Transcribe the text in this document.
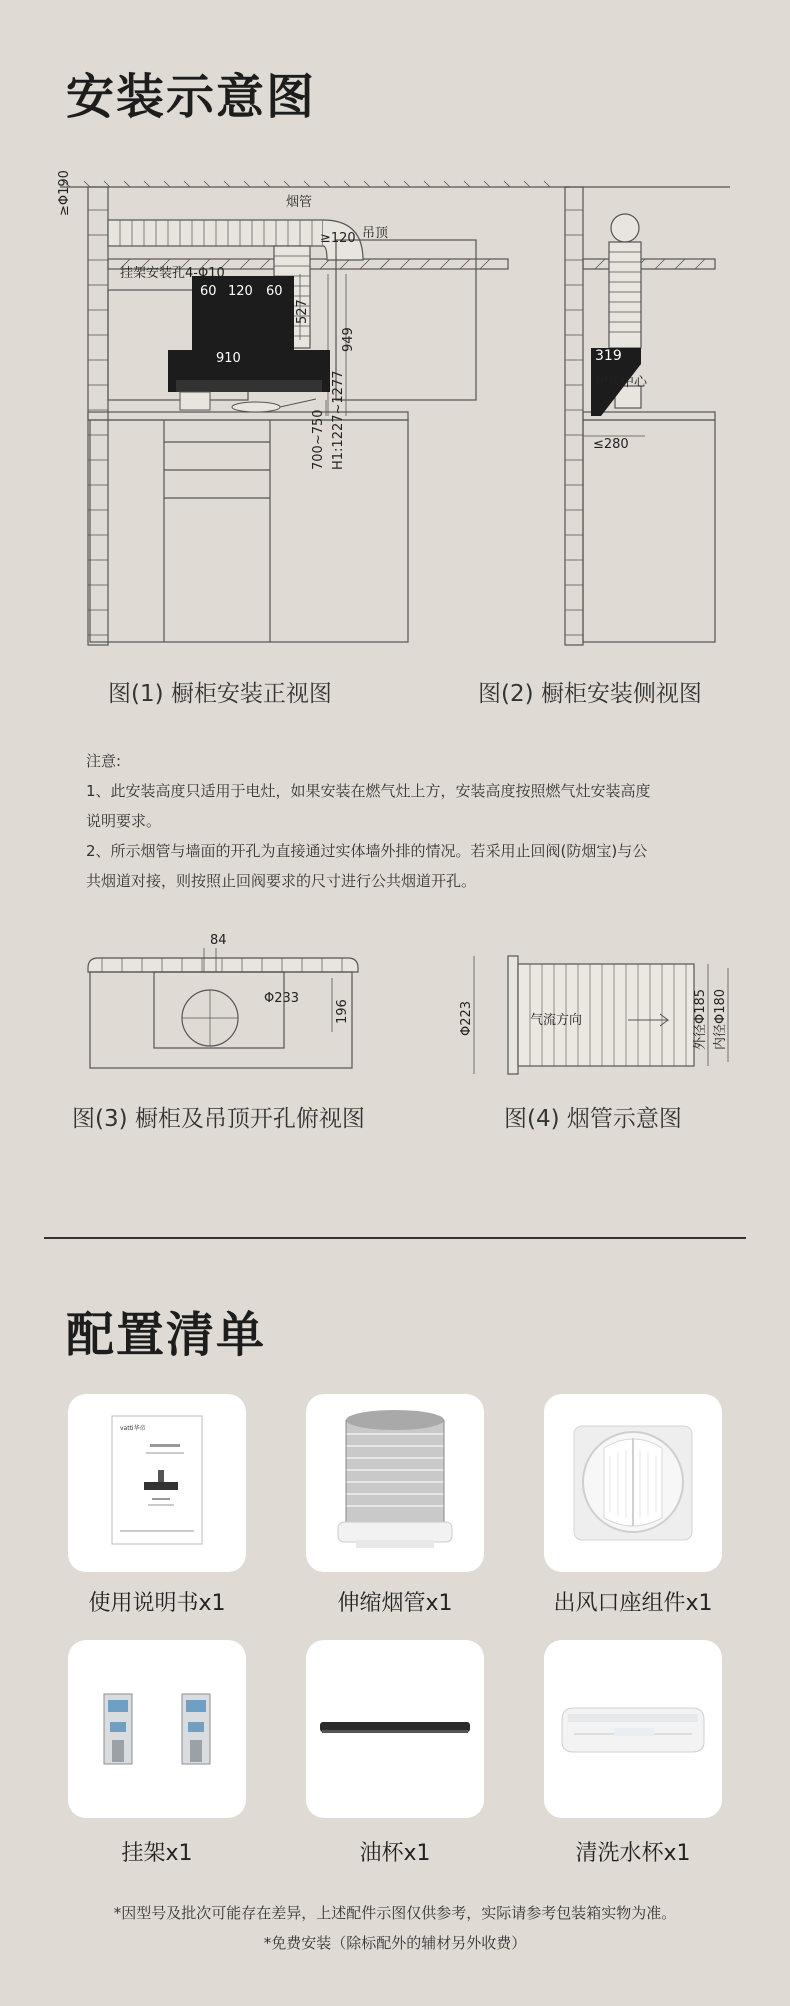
安装示意图
烟管
吊顶
≥120
挂架安装孔4-Φ10
60 120 60
910
≥Φ190
527
949
700~750 H1:1227~1277	炉头中心
≤280
319
图(1) 橱柜安装正视图	图(2) 橱柜安装侧视图
注意:
1、此安装高度只适用于电灶，如果安装在燃气灶上方，安装高度按照燃气灶安装高度
说明要求。
2、所示烟管与墙面的开孔为直接通过实体墙外排的情况。若采用止回阀(防烟宝)与公
共烟道对接，则按照止回阀要求的尺寸进行公共烟道开孔。
84
Φ233
196	气流方向
Φ223	外径Φ185 内径Φ180
图(3) 橱柜及吊顶开孔俯视图	图(4) 烟管示意图
配置清单
vatti华帝
使用说明书x1	伸缩烟管x1	出风口座组件x1
挂架x1	油杯x1	清洗水杯x1
*因型号及批次可能存在差异，上述配件示图仅供参考，实际请参考包装箱实物为准。
*免费安装（除标配外的辅材另外收费）
